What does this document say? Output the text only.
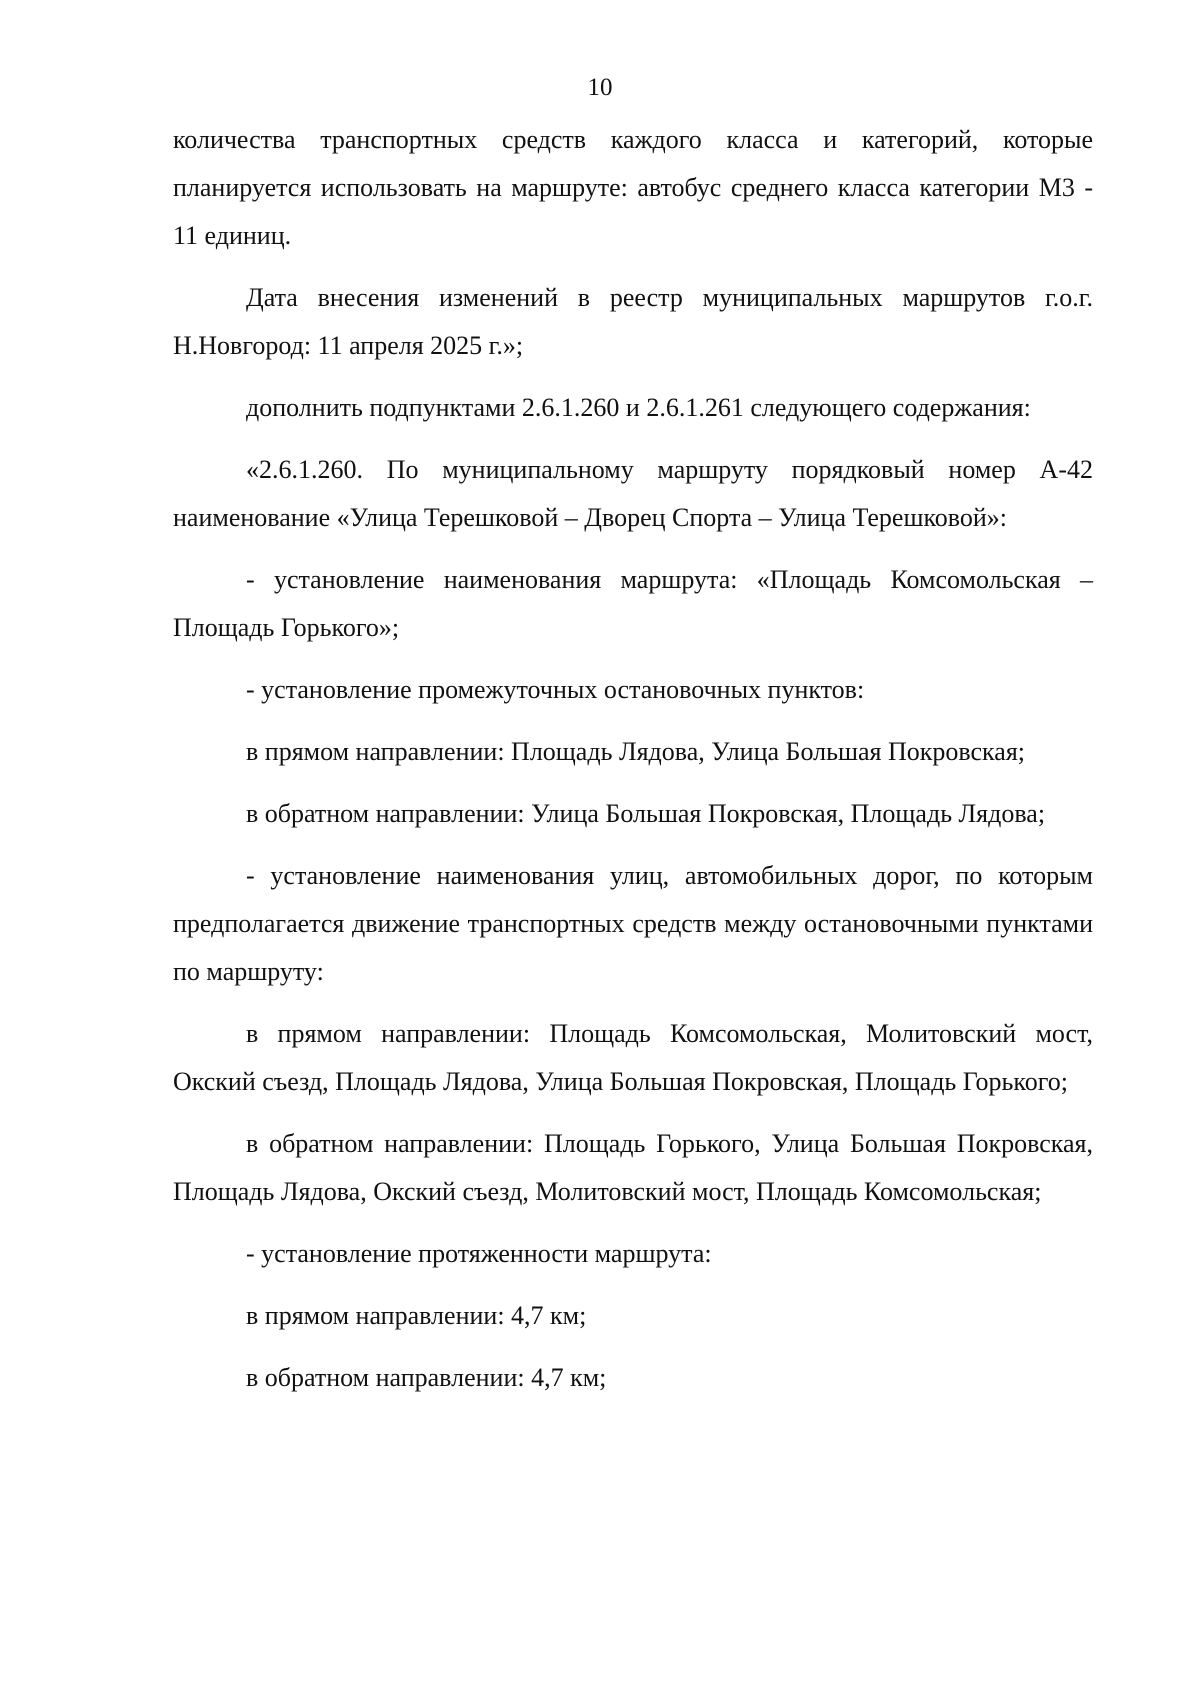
10

количества транспортных средств каждого класса и категорий, которые планируется использовать на маршруте: автобус среднего класса категории М3 - 11 единиц.

Дата внесения изменений в реестр муниципальных маршрутов г.о.г. Н.Новгород: 11 апреля 2025 г.»;

дополнить подпунктами 2.6.1.260 и 2.6.1.261 следующего содержания:

«2.6.1.260. По муниципальному маршруту порядковый номер А-42 наименование «Улица Терешковой – Дворец Спорта – Улица Терешковой»:

- установление наименования маршрута: «Площадь Комсомольская – Площадь Горького»;

- установление промежуточных остановочных пунктов:

в прямом направлении: Площадь Лядова, Улица Большая Покровская;

в обратном направлении: Улица Большая Покровская, Площадь Лядова;

- установление наименования улиц, автомобильных дорог, по которым предполагается движение транспортных средств между остановочными пунктами по маршруту:

в прямом направлении: Площадь Комсомольская, Молитовский мост, Окский съезд, Площадь Лядова, Улица Большая Покровская, Площадь Горького;

в обратном направлении: Площадь Горького, Улица Большая Покровская, Площадь Лядова, Окский съезд, Молитовский мост, Площадь Комсомольская;

- установление протяженности маршрута:

в прямом направлении: 4,7 км;

в обратном направлении: 4,7 км;
